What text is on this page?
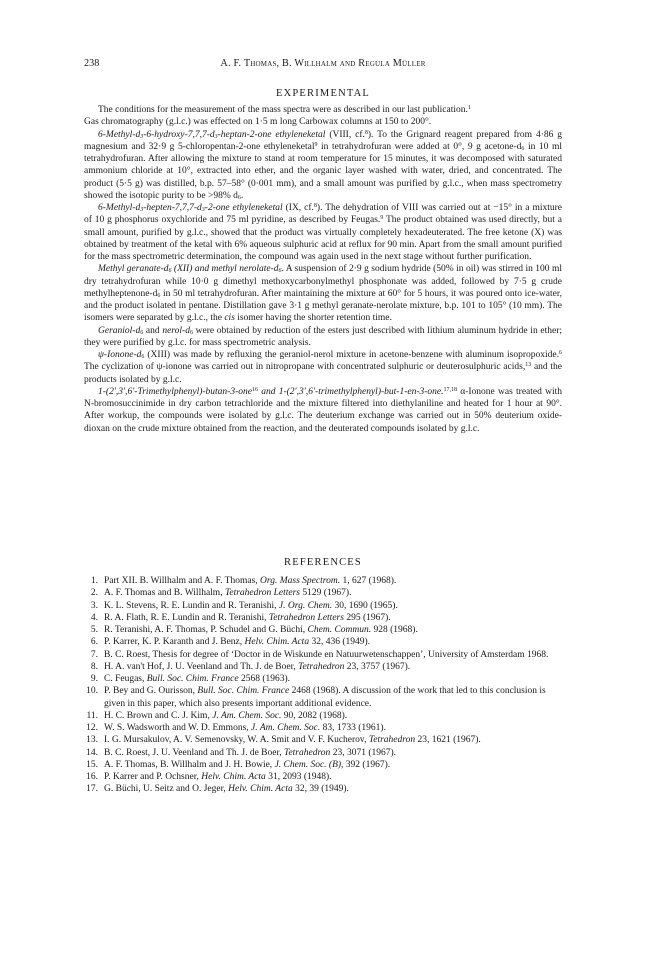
238	A. F. Thomas, B. Willhalm and Regula Müller
EXPERIMENTAL

The conditions for the measurement of the mass spectra were as described in our last publication.$^1$

Gas chromatography (g.l.c.) was effected on 1·5 m long Carbowax columns at 150 to 200°.

$6-Methyl-d_3-6-hydroxy-7,7,7-d_3-heptan-2$-one ethyleneketal (VIII, cf.$^8$). To the Grignard reagent prepared from 4·86 g magnesium and 32·9 g 5-chloropentan-2-one ethyleneketal$^9$ in tetrahydrofuran were added at 0°, 9 g acetone-$d_6$ in 10 ml tetrahydrofuran. After allowing the mixture to stand at room temperature for 15 minutes, it was decomposed with saturated ammonium chloride at 10°, extracted into ether, and the organic layer washed with water, dried, and concentrated. The product (5·5 g) was distilled, b.p. 57–58° (0·001 mm), and a small amount was purified by g.l.c., when mass spectrometry showed the isotopic purity to be >98% $d_6$.

$6-Methyl-d_3-hepten-7,7,7-d_3-2$-one ethyleneketal (IX, cf.$^8$). The dehydration of VIII was carried out at −15° in a mixture of 10 g phosphorus oxychloride and 75 ml pyridine, as described by Feugas.$^9$ The product obtained was used directly, but a small amount, purified by g.l.c., showed that the product was virtually completely hexadeuterated. The free ketone (X) was obtained by treatment of the ketal with 6% aqueous sulphuric acid at reflux for 90 min. Apart from the small amount purified for the mass spectrometric determination, the compound was again used in the next stage without further purification.

Methyl geranate-$d_6$ (XII) and methyl nerolate-$d_6$. A suspension of 2·9 g sodium hydride (50% in oil) was stirred in 100 ml dry tetrahydrofuran while 10·0 g dimethyl methoxycarbonylmethyl phosphonate was added, followed by 7·5 g crude methylheptenone-$d_6$ in 50 ml tetrahydrofuran. After maintaining the mixture at 60° for 5 hours, it was poured onto ice-water, and the product isolated in pentane. Distillation gave 3·1 g methyl geranate-nerolate mixture, b.p. 101 to 105° (10 mm). The isomers were separated by g.l.c., the cis isomer having the shorter retention time.

Geraniol-$d_6$ and nerol-$d_6$ were obtained by reduction of the esters just described with lithium aluminum hydride in ether; they were purified by g.l.c. for mass spectrometric analysis.

$\psi-Ionone-d_6$ (XIII) was made by refluxing the geraniol-nerol mixture in acetone-benzene with aluminum isopropoxide.$^6$ The cyclization of ψ-ionone was carried out in nitropropane with concentrated sulphuric or deuterosulphuric acids,$^{13}$ and the products isolated by g.l.c.

1-(2′,3′,6′-Trimethylphenyl)-butan-3-one$^{16}$ and 1-(2′,3′,6′-trimethylphenyl)-but-1-en-3-one.$^{17,18}$ α-Ionone was treated with N-bromosuccinimide in dry carbon tetrachloride and the mixture filtered into diethylaniline and heated for 1 hour at 90°. After workup, the compounds were isolated by g.l.c. The deuterium exchange was carried out in 50% deuterium oxide-dioxan on the crude mixture obtained from the reaction, and the deuterated compounds isolated by g.l.c.

REFERENCES
1. Part XII. B. Willhalm and A. F. Thomas, Org. Mass Spectrom. 1, 627 (1968).
2. A. F. Thomas and B. Willhalm, Tetrahedron Letters 5129 (1967).
3. K. L. Stevens, R. E. Lundin and R. Teranishi, J. Org. Chem. 30, 1690 (1965).
4. R. A. Flath, R. E. Lundin and R. Teranishi, Tetrahedron Letters 295 (1967).
5. R. Teranishi, A. F. Thomas, P. Schudel and G. Büchi, Chem. Commun. 928 (1968).
6. P. Karrer, K. P. Karanth and J. Benz, Helv. Chim. Acta 32, 436 (1949).
7. B. C. Roest, Thesis for degree of ‘Doctor in de Wiskunde en Natuurwetenschappen’, University of Amsterdam 1968.
8. H. A. van't Hof, J. U. Veenland and Th. J. de Boer, Tetrahedron 23, 3757 (1967).
9. C. Feugas, Bull. Soc. Chim. France 2568 (1963).
10. P. Bey and G. Ourisson, Bull. Soc. Chim. France 2468 (1968). A discussion of the work that led to this conclusion is given in this paper, which also presents important additional evidence.
11. H. C. Brown and C. J. Kim, J. Am. Chem. Soc. 90, 2082 (1968).
12. W. S. Wadsworth and W. D. Emmons, J. Am. Chem. Soc. 83, 1733 (1961).
13. I. G. Mursakulov, A. V. Semenovsky, W. A. Smit and V. F. Kucherov, Tetrahedron 23, 1621 (1967).
14. B. C. Roest, J. U. Veenland and Th. J. de Boer, Tetrahedron 23, 3071 (1967).
15. A. F. Thomas, B. Willhalm and J. H. Bowie, J. Chem. Soc. (B), 392 (1967).
16. P. Karrer and P. Ochsner, Helv. Chim. Acta 31, 2093 (1948).
17. G. Büchi, U. Seitz and O. Jeger, Helv. Chim. Acta 32, 39 (1949).
